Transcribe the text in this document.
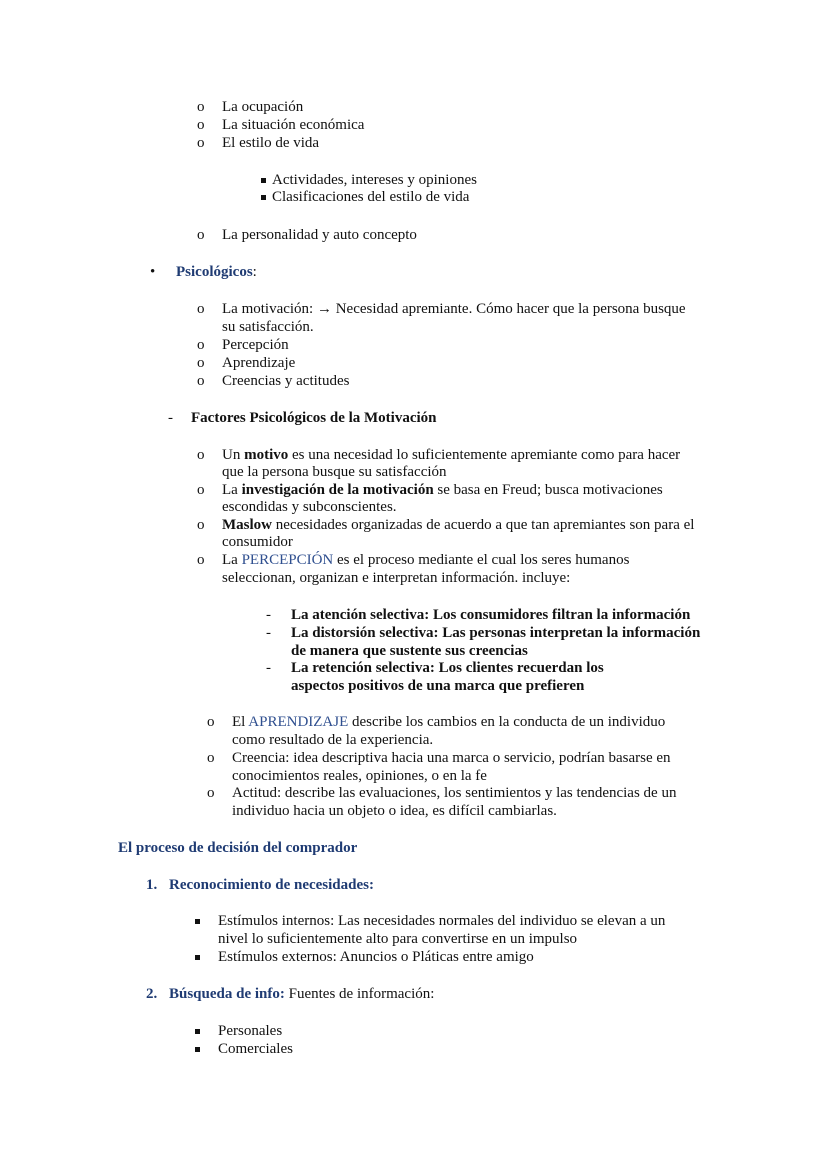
o La ocupación
o La situación económica
o El estilo de vida
Actividades, intereses y opiniones
Clasificaciones del estilo de vida
o La personalidad y auto concepto
• Psicológicos:
o La motivación: → Necesidad apremiante. Cómo hacer que la persona busque
su satisfacción.
o Percepción
o Aprendizaje
o Creencias y actitudes
- Factores Psicológicos de la Motivación
o Un motivo es una necesidad lo suficientemente apremiante como para hacer
que la persona busque su satisfacción
o La investigación de la motivación se basa en Freud; busca motivaciones
escondidas y subconscientes.
o Maslow necesidades organizadas de acuerdo a que tan apremiantes son para el
consumidor
o La PERCEPCIÓN es el proceso mediante el cual los seres humanos
seleccionan, organizan e interpretan información. incluye:
- La atención selectiva: Los consumidores filtran la información
- La distorsión selectiva: Las personas interpretan la información
de manera que sustente sus creencias
- La retención selectiva: Los clientes recuerdan los
aspectos positivos de una marca que prefieren
o El APRENDIZAJE describe los cambios en la conducta de un individuo
como resultado de la experiencia.
o Creencia: idea descriptiva hacia una marca o servicio, podrían basarse en
conocimientos reales, opiniones, o en la fe
o Actitud: describe las evaluaciones, los sentimientos y las tendencias de un
individuo hacia un objeto o idea, es difícil cambiarlas.
El proceso de decisión del comprador
1. Reconocimiento de necesidades:
Estímulos internos: Las necesidades normales del individuo se elevan a un
nivel lo suficientemente alto para convertirse en un impulso
Estímulos externos: Anuncios o Pláticas entre amigo
2. Búsqueda de info: Fuentes de información:
Personales
Comerciales
